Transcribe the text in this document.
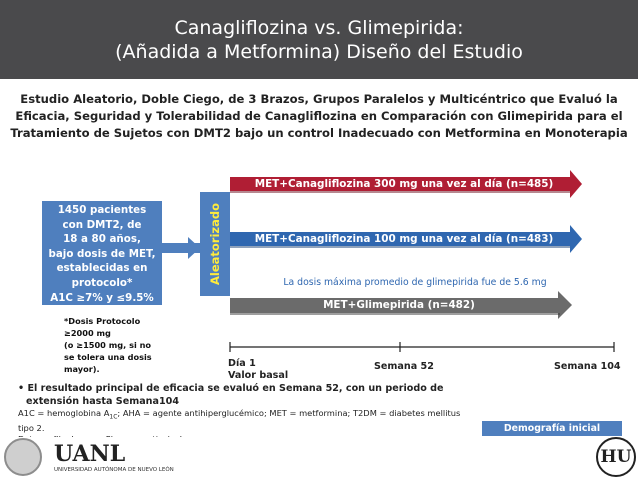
Canagliflozina vs. Glimepirida:
(Añadida a Metformina) Diseño del Estudio
Estudio Aleatorio, Doble Ciego, de 3 Brazos, Grupos Paralelos y Multicéntrico que Evaluó la
Eficacia, Seguridad y Tolerabilidad de Canagliflozina en Comparación con Glimepirida para el
Tratamiento de Sujetos con DMT2 bajo un control Inadecuado con Metformina en Monoterapia
1450 pacientes
con DMT2, de
18 a 80 años,
bajo dosis de MET,
establecidas en
protocolo*
A1C ≥7% y ≤9.5%
Aleatorizado
MET+Canagliflozina 300 mg una vez al día (n=485)
MET+Canagliflozina 100 mg una vez al día (n=483)
MET+Glimepirida (n=482)
La dosis máxima promedio de glimepirida fue de 5.6 mg
*Dosis Protocolo
≥2000 mg
(o ≥1500 mg, si no
se tolera una dosis
mayor).	Día 1
Valor basal
Semana 52	Semana 104
• El resultado principal de eficacia se evaluó en Semana 52, con un periodo de
extensión hasta Semana104
A1C = hemoglobina $A_{1C}$; AHA = agente antihiperglucémico; MET = metformina; T2DM = diabetes mellitus
tipo 2.	Demografía inicial
UANL
UNIVERSIDAD AUTÓNOMA DE NUEVO LEÓN
HU
